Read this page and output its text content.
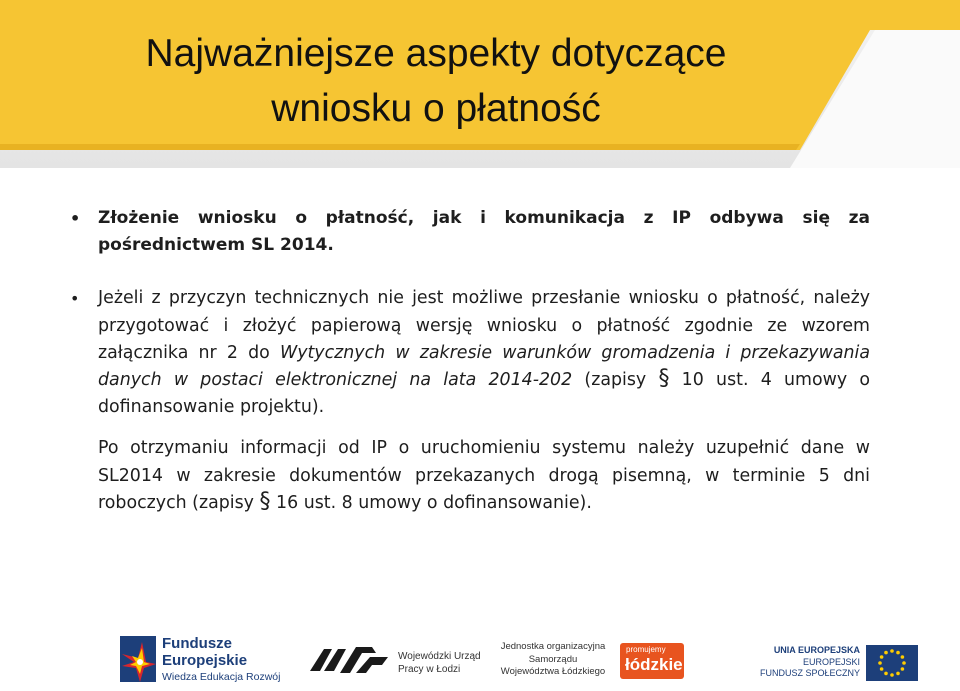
Najważniejsze aspekty dotyczące
wniosku o płatność

• Złożenie wniosku o płatność, jak i komunikacja z IP odbywa się za pośrednictwem SL 2014.

• Jeżeli z przyczyn technicznych nie jest możliwe przesłanie wniosku o płatność, należy przygotować i złożyć papierową wersję wniosku o płatność zgodnie ze wzorem załącznika nr 2 do Wytycznych w zakresie warunków gromadzenia i przekazywania danych w postaci elektronicznej na lata 2014-202 (zapisy § 10 ust. 4 umowy o dofinansowanie projektu).

Po otrzymaniu informacji od IP o uruchomieniu systemu należy uzupełnić dane w SL2014 w zakresie dokumentów przekazanych drogą pisemną, w terminie 5 dni roboczych (zapisy § 16 ust. 8 umowy o dofinansowanie).

Fundusze
Europejskie
Wiedza Edukacja Rozwój
Wojewódzki Urząd
Pracy w Łodzi
Jednostka organizacyjna
Samorządu
Województwa Łódzkiego
promujemy
łódzkie
UNIA EUROPEJSKA
EUROPEJSKI
FUNDUSZ SPOŁECZNY
